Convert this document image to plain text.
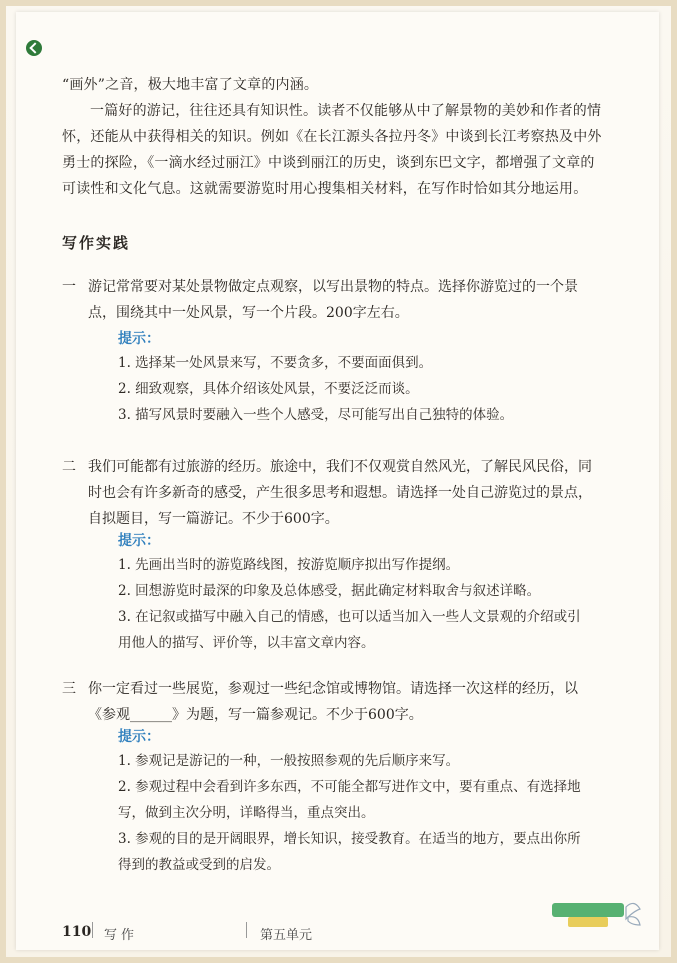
“画外”之音，极大地丰富了文章的内涵。

一篇好的游记，往往还具有知识性。读者不仅能够从中了解景物的美妙和作者的情怀，还能从中获得相关的知识。例如《在长江源头各拉丹冬》中谈到长江考察热及中外勇士的探险，《一滴水经过丽江》中谈到丽江的历史，谈到东巴文字，都增强了文章的可读性和文化气息。这就需要游览时用心搜集相关材料，在写作时恰如其分地运用。

写作实践
一 游记常常要对某处景物做定点观察，以写出景物的特点。选择你游览过的一个景点，围绕其中一处风景，写一个片段。200字左右。
提示：

1. 选择某一处风景来写，不要贪多，不要面面俱到。

2. 细致观察，具体介绍该处风景，不要泛泛而谈。

3. 描写风景时要融入一些个人感受，尽可能写出自己独特的体验。

二 我们可能都有过旅游的经历。旅途中，我们不仅观赏自然风光，了解民风民俗，同时也会有许多新奇的感受，产生很多思考和遐想。请选择一处自己游览过的景点，自拟题目，写一篇游记。不少于600字。
提示：

1. 先画出当时的游览路线图，按游览顺序拟出写作提纲。

2. 回想游览时最深的印象及总体感受，据此确定材料取舍与叙述详略。

3. 在记叙或描写中融入自己的情感，也可以适当加入一些人文景观的介绍或引用他人的描写、评价等，以丰富文章内容。

三 你一定看过一些展览，参观过一些纪念馆或博物馆。请选择一次这样的经历，以《参观______》为题，写一篇参观记。不少于600字。
提示：

1. 参观记是游记的一种，一般按照参观的先后顺序来写。

2. 参观过程中会看到许多东西，不可能全都写进作文中，要有重点、有选择地写，做到主次分明，详略得当，重点突出。

3. 参观的目的是开阔眼界，增长知识，接受教育。在适当的地方，要点出你所得到的教益或受到的启发。

110 写作	第五单元
